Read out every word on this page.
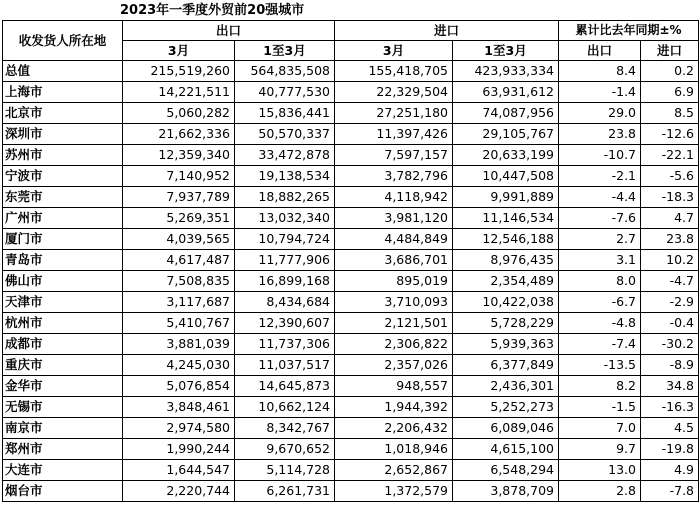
2023年一季度外贸前20强城市
收发货人所在地	出口		进口		累计比去年同期±%	
	3月	1至3月	3月	1至3月	出口	进口
总值	215,519,260	564,835,508	155,418,705	423,933,334	8.4	0.2
上海市	14,221,511	40,777,530	22,329,504	63,931,612	-1.4	6.9
北京市	5,060,282	15,836,441	27,251,180	74,087,956	29.0	8.5
深圳市	21,662,336	50,570,337	11,397,426	29,105,767	23.8	-12.6
苏州市	12,359,340	33,472,878	7,597,157	20,633,199	-10.7	-22.1
宁波市	7,140,952	19,138,534	3,782,796	10,447,508	-2.1	-5.6
东莞市	7,937,789	18,882,265	4,118,942	9,991,889	-4.4	-18.3
广州市	5,269,351	13,032,340	3,981,120	11,146,534	-7.6	4.7
厦门市	4,039,565	10,794,724	4,484,849	12,546,188	2.7	23.8
青岛市	4,617,487	11,777,906	3,686,701	8,976,435	3.1	10.2
佛山市	7,508,835	16,899,168	895,019	2,354,489	8.0	-4.7
天津市	3,117,687	8,434,684	3,710,093	10,422,038	-6.7	-2.9
杭州市	5,410,767	12,390,607	2,121,501	5,728,229	-4.8	-0.4
成都市	3,881,039	11,737,306	2,306,822	5,939,363	-7.4	-30.2
重庆市	4,245,030	11,037,517	2,357,026	6,377,849	-13.5	-8.9
金华市	5,076,854	14,645,873	948,557	2,436,301	8.2	34.8
无锡市	3,848,461	10,662,124	1,944,392	5,252,273	-1.5	-16.3
南京市	2,974,580	8,342,767	2,206,432	6,089,046	7.0	4.5
郑州市	1,990,244	9,670,652	1,018,946	4,615,100	9.7	-19.8
大连市	1,644,547	5,114,728	2,652,867	6,548,294	13.0	4.9
烟台市	2,220,744	6,261,731	1,372,579	3,878,709	2.8	-7.8
